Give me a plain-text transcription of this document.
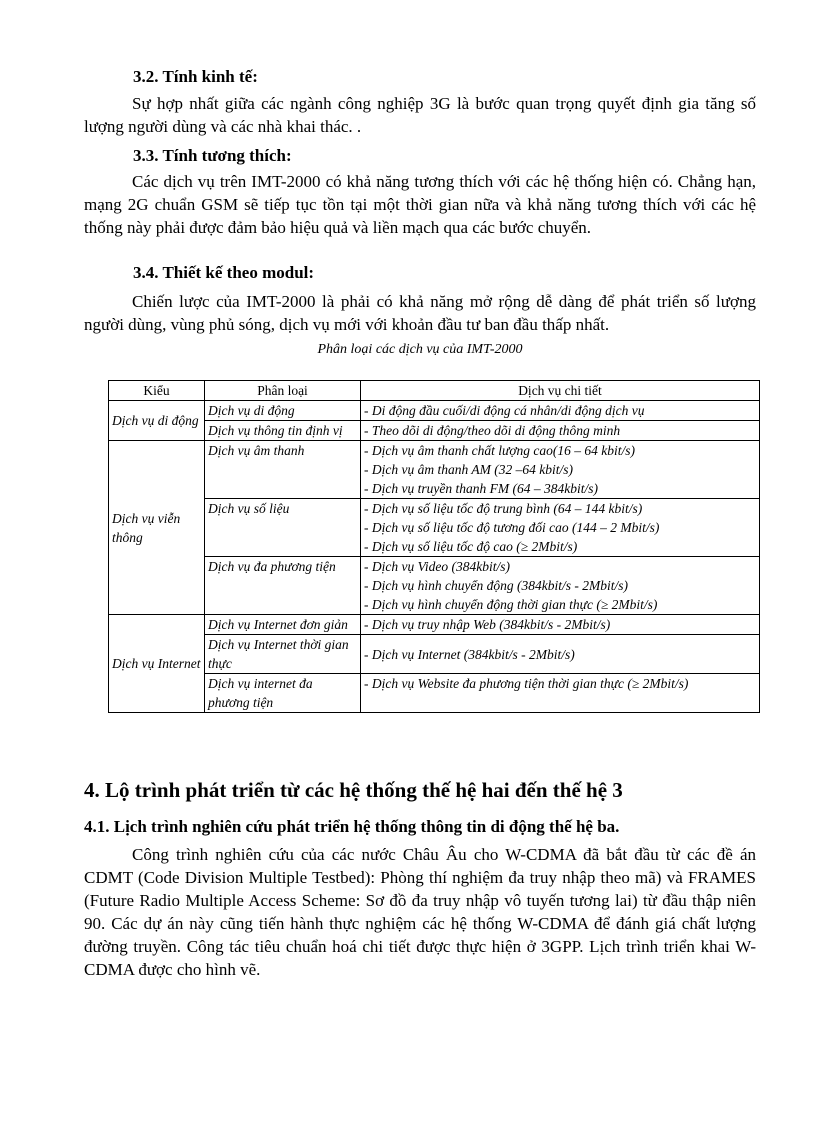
3.2. Tính kinh tế:

Sự hợp nhất giữa các ngành công nghiệp 3G là bước quan trọng quyết định gia tăng số lượng người dùng và các nhà khai thác. .

3.3. Tính tương thích:

Các dịch vụ trên IMT-2000 có khả năng tương thích với các hệ thống hiện có. Chẳng hạn, mạng 2G chuẩn GSM sẽ tiếp tục tồn tại một thời gian nữa và khả năng tương thích với các hệ thống này phải được đảm bảo hiệu quả và liền mạch qua các bước chuyển.

3.4. Thiết kế theo modul:

Chiến lược của IMT-2000 là phải có khả năng mở rộng dễ dàng để phát triển số lượng người dùng, vùng phủ sóng, dịch vụ mới với khoản đầu tư ban đầu thấp nhất.

Phân loại các dịch vụ của IMT-2000
Kiểu	Phân loại	Dịch vụ chi tiết
Dịch vụ di động	Dịch vụ di động	- Di động đầu cuối/di động cá nhân/di động dịch vụ

	Dịch vụ thông tin định vị	- Theo dõi di động/theo dõi di động thông minh

Dịch vụ viễn thông	Dịch vụ âm thanh	- Dịch vụ âm thanh chất lượng cao(16 – 64 kbit/s)
- Dịch vụ âm thanh AM (32 –64 kbit/s)
- Dịch vụ truyền thanh FM (64 – 384kbit/s)

	Dịch vụ số liệu	- Dịch vụ số liệu tốc độ trung bình (64 – 144 kbit/s)
- Dịch vụ số liệu tốc độ tương đối cao (144 – 2 Mbit/s)
- Dịch vụ số liệu tốc độ cao (≥ 2Mbit/s)

	Dịch vụ đa phương tiện	- Dịch vụ Video (384kbit/s)
- Dịch vụ hình chuyển động (384kbit/s - 2Mbit/s)
- Dịch vụ hình chuyển động thời gian thực (≥ 2Mbit/s)

Dịch vụ Internet	Dịch vụ Internet đơn giản	- Dịch vụ truy nhập Web (384kbit/s - 2Mbit/s)

	Dịch vụ Internet thời gian thực	- Dịch vụ Internet (384kbit/s - 2Mbit/s)

	Dịch vụ internet đa phương tiện	- Dịch vụ Website đa phương tiện thời gian thực (≥ 2Mbit/s)
4. Lộ trình phát triển từ các hệ thống thế hệ hai đến thế hệ 3
4.1. Lịch trình nghiên cứu phát triển hệ thống thông tin di động thế hệ ba.

Công trình nghiên cứu của các nước Châu Âu cho W-CDMA đã bắt đầu từ các đề án CDMT (Code Division Multiple Testbed): Phòng thí nghiệm đa truy nhập theo mã) và FRAMES (Future Radio Multiple Access Scheme: Sơ đồ đa truy nhập vô tuyến tương lai) từ đầu thập niên 90. Các dự án này cũng tiến hành thực nghiệm các hệ thống W-CDMA để đánh giá chất lượng đường truyền. Công tác tiêu chuẩn hoá chi tiết được thực hiện ở 3GPP. Lịch trình triển khai W-CDMA được cho hình vẽ.
